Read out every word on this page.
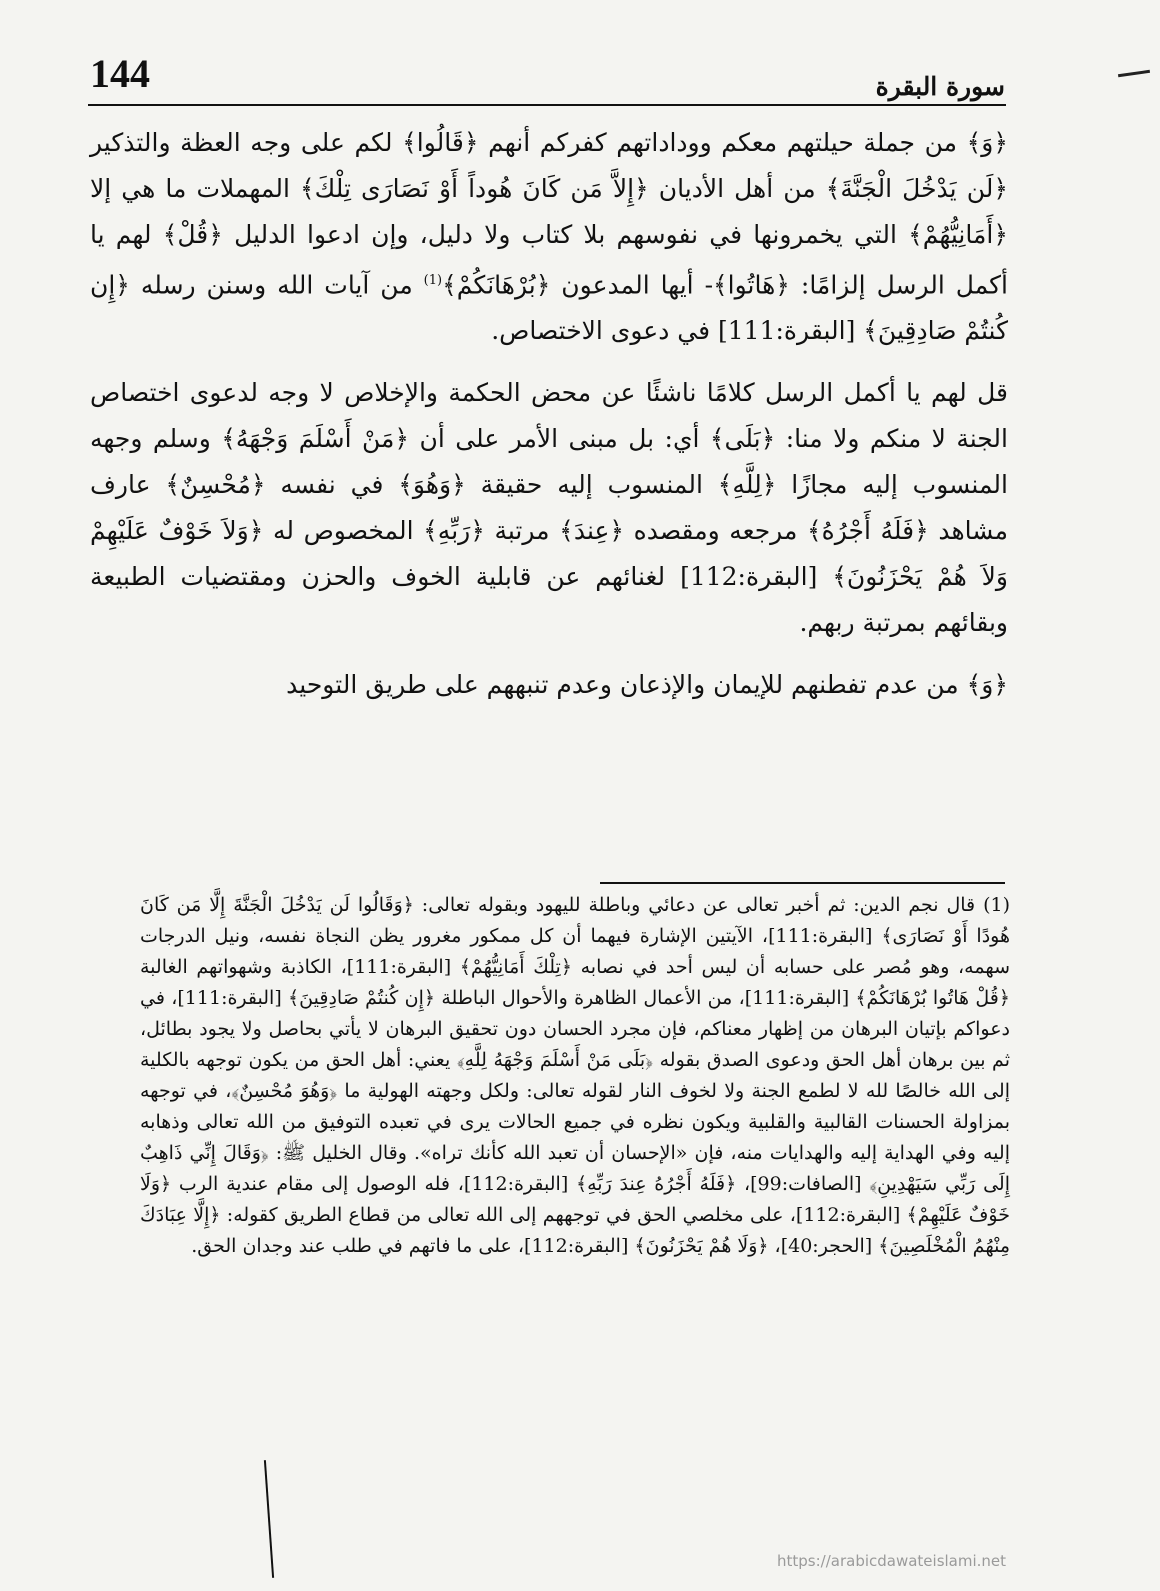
144	سورة البقرة

﴿وَ﴾ من جملة حيلتهم معكم ووداداتهم كفركم أنهم ﴿قَالُوا﴾ لكم على وجه العظة والتذكير ﴿لَن يَدْخُلَ الْجَنَّةَ﴾ من أهل الأديان ﴿إِلاَّ مَن كَانَ هُوداً أَوْ نَصَارَى تِلْكَ﴾ المهملات ما هي إلا ﴿أَمَانِيُّهُمْ﴾ التي يخمرونها في نفوسهم بلا كتاب ولا دليل، وإن ادعوا الدليل ﴿قُلْ﴾ لهم يا أكمل الرسل إلزامًا: ﴿هَاتُوا﴾- أيها المدعون ﴿بُرْهَانَكُمْ﴾$^{(1)}$ من آيات الله وسنن رسله ﴿إِن كُنتُمْ صَادِقِينَ﴾ [البقرة:111] في دعوى الاختصاص.

قل لهم يا أكمل الرسل كلامًا ناشئًا عن محض الحكمة والإخلاص لا وجه لدعوى اختصاص الجنة لا منكم ولا منا: ﴿بَلَى﴾ أي: بل مبنى الأمر على أن ﴿مَنْ أَسْلَمَ وَجْهَهُ﴾ وسلم وجهه المنسوب إليه مجازًا ﴿لِلَّهِ﴾ المنسوب إليه حقيقة ﴿وَهُوَ﴾ في نفسه ﴿مُحْسِنٌ﴾ عارف مشاهد ﴿فَلَهُ أَجْرُهُ﴾ مرجعه ومقصده ﴿عِندَ﴾ مرتبة ﴿رَبِّهِ﴾ المخصوص له ﴿وَلاَ خَوْفٌ عَلَيْهِمْ وَلاَ هُمْ يَحْزَنُونَ﴾ [البقرة:112] لغنائهم عن قابلية الخوف والحزن ومقتضيات الطبيعة وبقائهم بمرتبة ربهم.

﴿وَ﴾ من عدم تفطنهم للإيمان والإذعان وعدم تنبههم على طريق التوحيد

(1) قال نجم الدين: ثم أخبر تعالى عن دعائي وباطلة لليهود وبقوله تعالى: ﴿وَقَالُوا لَن يَدْخُلَ الْجَنَّةَ إِلَّا مَن كَانَ هُودًا أَوْ نَصَارَى﴾ [البقرة:111]، الآيتين الإشارة فيهما أن كل ممكور مغرور يظن النجاة نفسه، ونيل الدرجات سهمه، وهو مُصر على حسابه أن ليس أحد في نصابه ﴿تِلْكَ أَمَانِيُّهُمْ﴾ [البقرة:111]، الكاذبة وشهواتهم الغالبة ﴿قُلْ هَاتُوا بُرْهَانَكُمْ﴾ [البقرة:111]، من الأعمال الظاهرة والأحوال الباطلة ﴿إِن كُنتُمْ صَادِقِينَ﴾ [البقرة:111]، في دعواكم بإتيان البرهان من إظهار معناكم، فإن مجرد الحسان دون تحقيق البرهان لا يأتي بحاصل ولا يجود بطائل، ثم بين برهان أهل الحق ودعوى الصدق بقوله ﴿بَلَى مَنْ أَسْلَمَ وَجْهَهُ لِلَّهِ﴾ يعني: أهل الحق من يكون توجهه بالكلية إلى الله خالصًا لله لا لطمع الجنة ولا لخوف النار لقوله تعالى: ولكل وجهته الهولية ما ﴿وَهُوَ مُحْسِنٌ﴾، في توجهه بمزاولة الحسنات القالبية والقلبية ويكون نظره في جميع الحالات يرى في تعبده التوفيق من الله تعالى وذهابه إليه وفي الهداية إليه والهدايات منه، فإن «الإحسان أن تعبد الله كأنك تراه». وقال الخليل ﷺ: ﴿وَقَالَ إِنِّي ذَاهِبٌ إِلَى رَبِّي سَيَهْدِينِ﴾ [الصافات:99]، ﴿فَلَهُ أَجْرُهُ عِندَ رَبِّهِ﴾ [البقرة:112]، فله الوصول إلى مقام عندية الرب ﴿وَلَا خَوْفٌ عَلَيْهِمْ﴾ [البقرة:112]، على مخلصي الحق في توجههم إلى الله تعالى من قطاع الطريق كقوله: ﴿إِلَّا عِبَادَكَ مِنْهُمُ الْمُخْلَصِينَ﴾ [الحجر:40]، ﴿وَلَا هُمْ يَحْزَنُونَ﴾ [البقرة:112]، على ما فاتهم في طلب عند وجدان الحق.

https://arabicdawateislami.net
